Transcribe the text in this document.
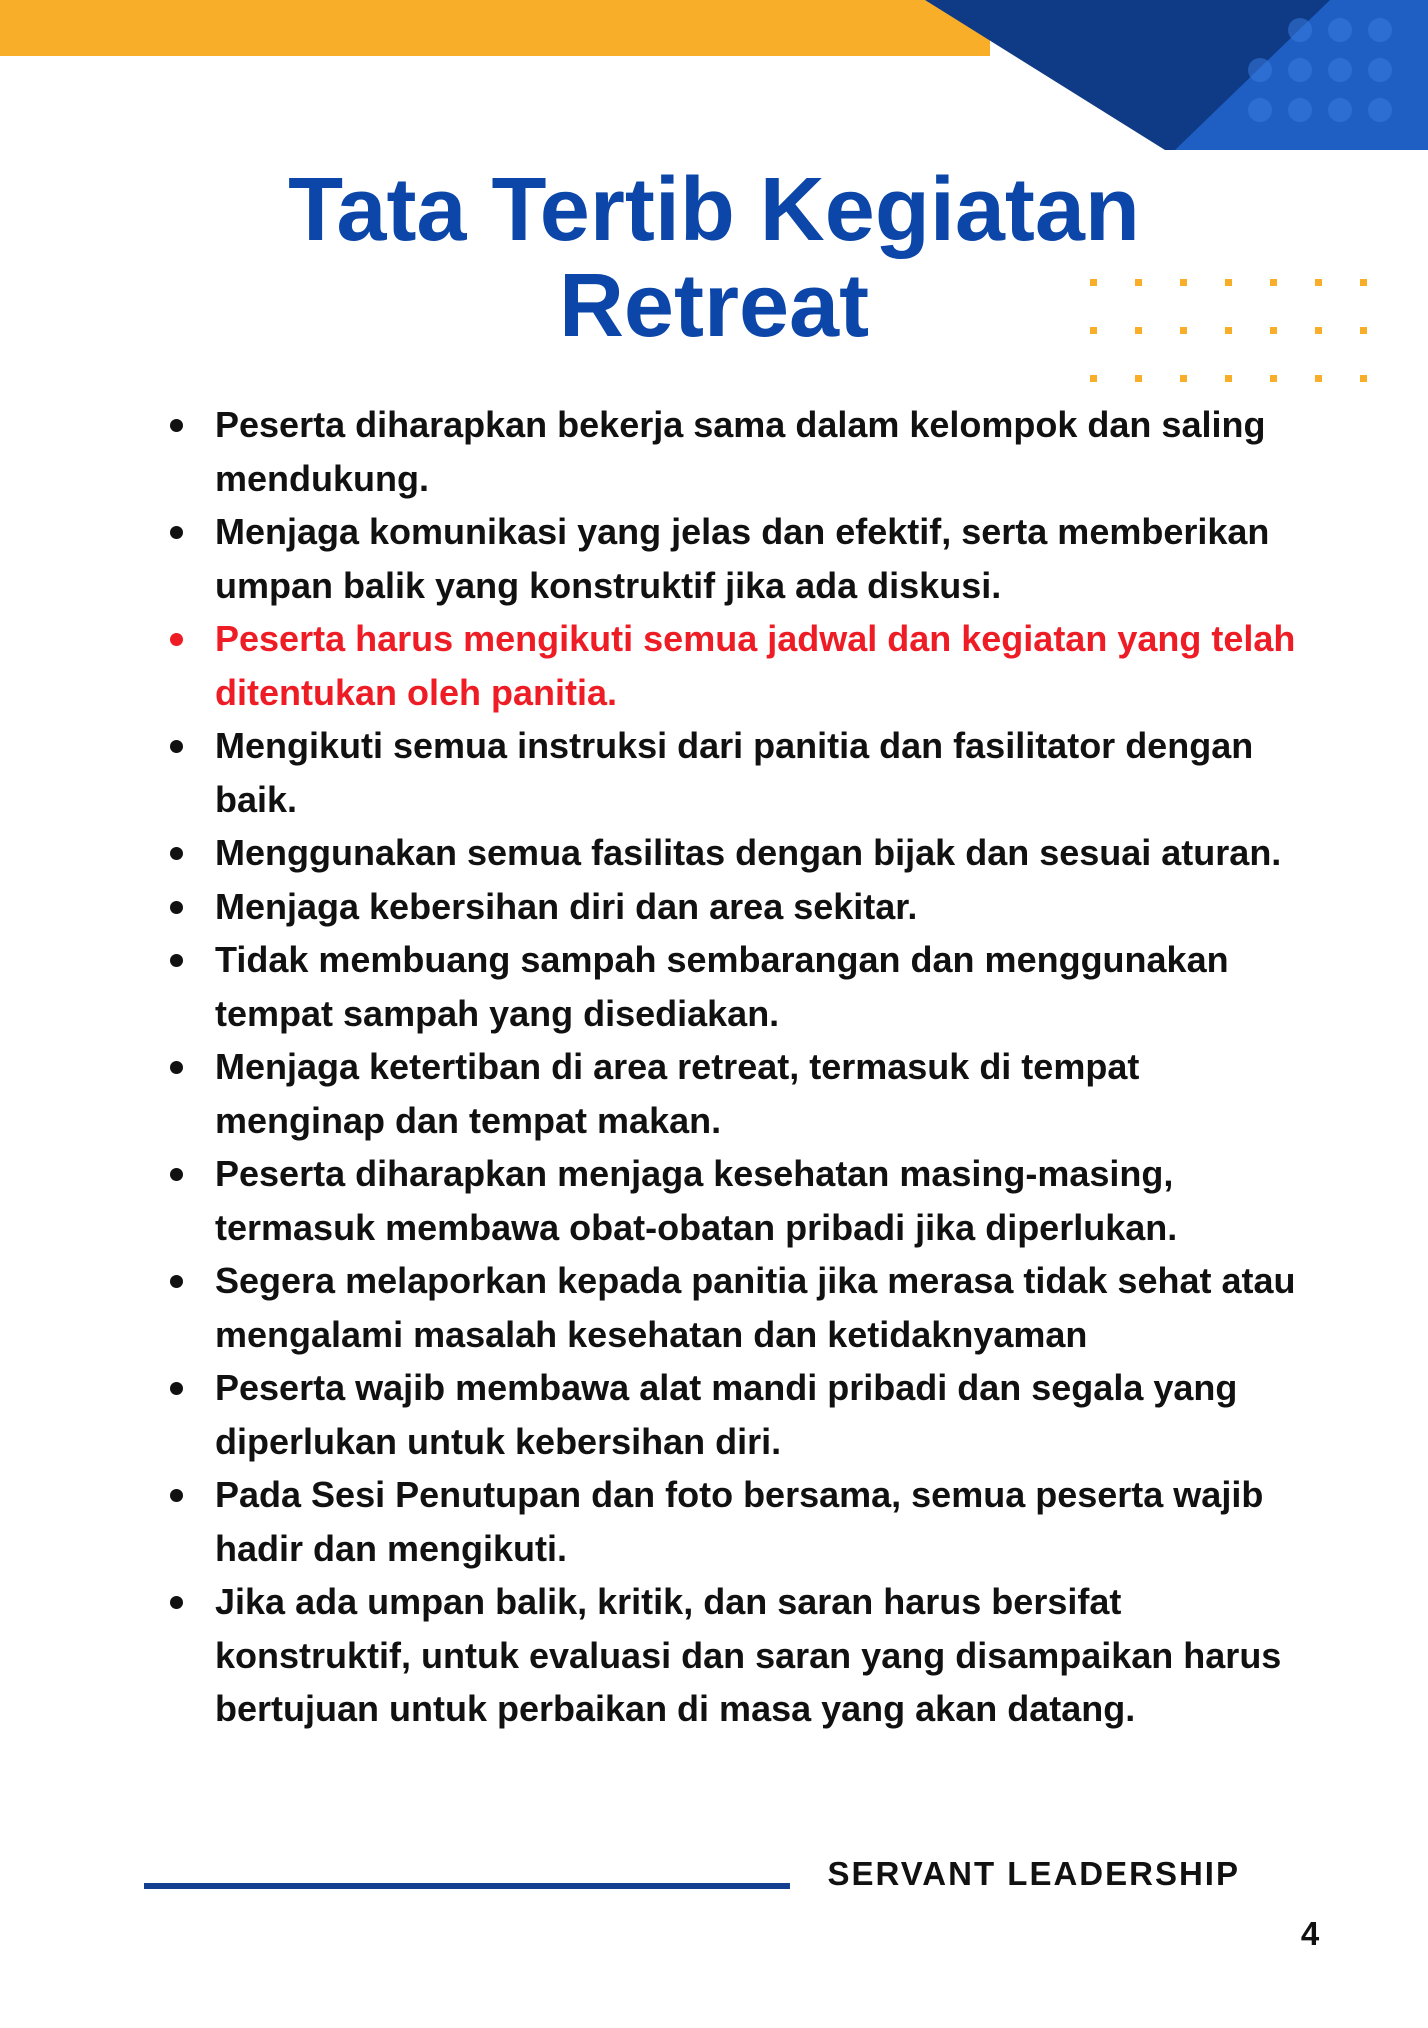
Tata Tertib Kegiatan
Retreat
Peserta diharapkan bekerja sama dalam kelompok dan saling mendukung.
Menjaga komunikasi yang jelas dan efektif, serta memberikan umpan balik yang konstruktif jika ada diskusi.
Peserta harus mengikuti semua jadwal dan kegiatan yang telah ditentukan oleh panitia.
Mengikuti semua instruksi dari panitia dan fasilitator dengan baik.
Menggunakan semua fasilitas dengan bijak dan sesuai aturan.
Menjaga kebersihan diri dan area sekitar.
Tidak membuang sampah sembarangan dan menggunakan tempat sampah yang disediakan.
Menjaga ketertiban di area retreat, termasuk di tempat menginap dan tempat makan.
Peserta diharapkan menjaga kesehatan masing-masing, termasuk membawa obat-obatan pribadi jika diperlukan.
Segera melaporkan kepada panitia jika merasa tidak sehat atau mengalami masalah kesehatan dan ketidaknyaman
Peserta wajib membawa alat mandi pribadi dan segala yang diperlukan untuk kebersihan diri.
Pada Sesi Penutupan dan foto bersama, semua peserta wajib hadir dan mengikuti.
Jika ada umpan balik, kritik, dan saran harus bersifat konstruktif, untuk evaluasi dan saran yang disampaikan harus bertujuan untuk perbaikan di masa yang akan datang.
SERVANT LEADERSHIP
4
